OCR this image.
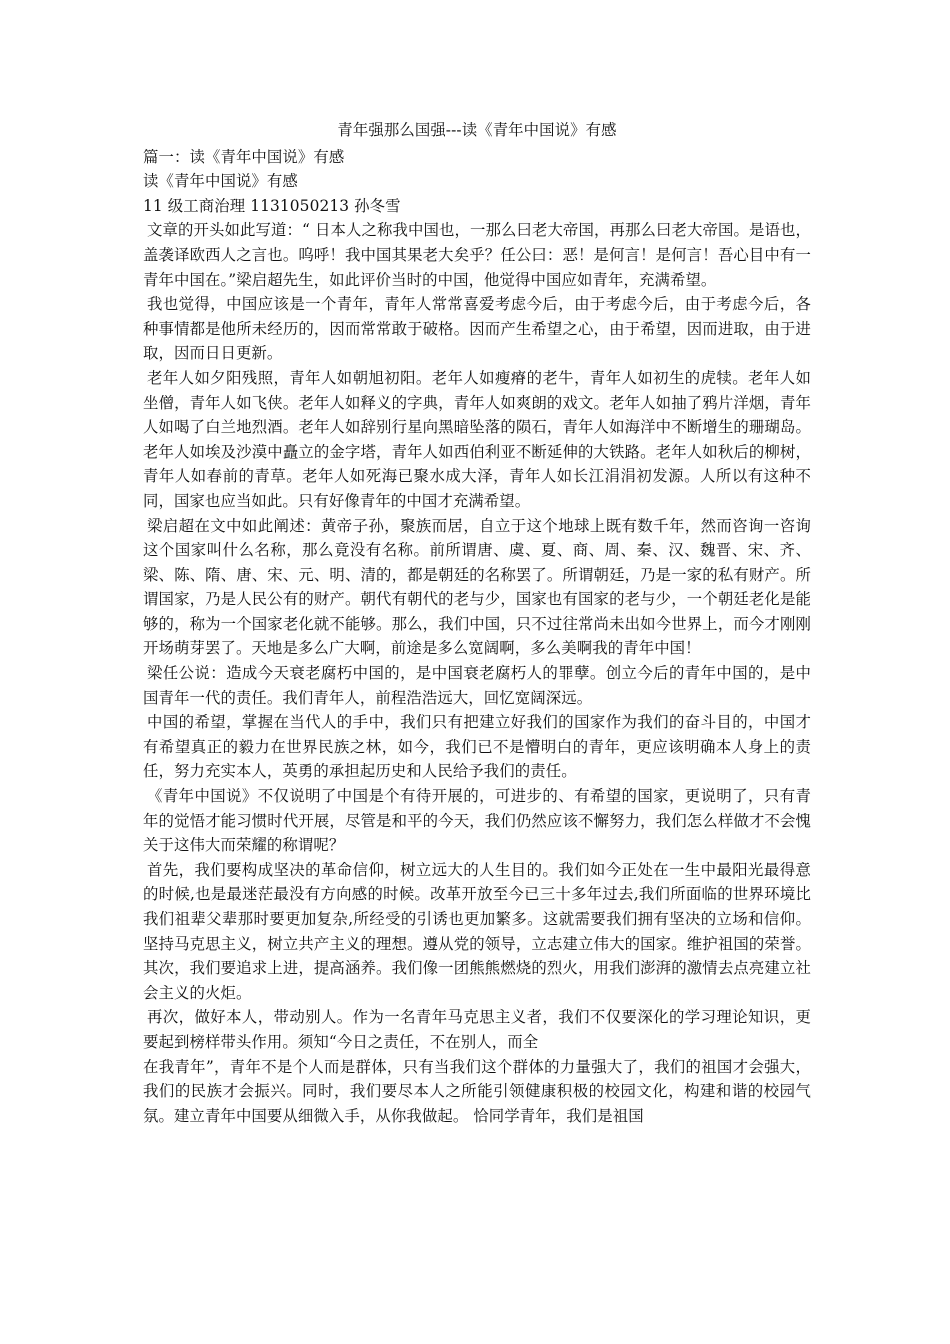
青年强那么国强---读《青年中国说》有感

篇一：读《青年中国说》有感

读《青年中国说》有感

11 级工商治理 1131050213 孙冬雪

文章的开头如此写道：“ 日本人之称我中国也，一那么曰老大帝国，再那么曰老大帝国。是语也，盖袭译欧西人之言也。呜呼！我中国其果老大矣乎？任公曰：恶！是何言！是何言！吾心目中有一青年中国在。”梁启超先生，如此评价当时的中国，他觉得中国应如青年，充满希望。

我也觉得，中国应该是一个青年，青年人常常喜爱考虑今后，由于考虑今后，由于考虑今后，各种事情都是他所未经历的，因而常常敢于破格。因而产生希望之心，由于希望，因而进取，由于进取，因而日日更新。

老年人如夕阳残照，青年人如朝旭初阳。老年人如瘦瘠的老牛，青年人如初生的虎犊。老年人如坐僧，青年人如飞侠。老年人如释义的字典，青年人如爽朗的戏文。老年人如抽了鸦片洋烟，青年人如喝了白兰地烈酒。老年人如辞别行星向黑暗坠落的陨石，青年人如海洋中不断增生的珊瑚岛。老年人如埃及沙漠中矗立的金字塔，青年人如西伯利亚不断延伸的大铁路。老年人如秋后的柳树，青年人如春前的青草。老年人如死海已聚水成大泽，青年人如长江涓涓初发源。人所以有这种不同，国家也应当如此。只有好像青年的中国才充满希望。

梁启超在文中如此阐述：黄帝子孙，聚族而居，自立于这个地球上既有数千年，然而咨询一咨询这个国家叫什么名称，那么竟没有名称。前所谓唐、虞、夏、商、周、秦、汉、魏晋、宋、齐、梁、陈、隋、唐、宋、元、明、清的，都是朝廷的名称罢了。所谓朝廷，乃是一家的私有财产。所谓国家，乃是人民公有的财产。朝代有朝代的老与少，国家也有国家的老与少，一个朝廷老化是能够的，称为一个国家老化就不能够。那么，我们中国，只不过往常尚未出如今世界上，而今才刚刚开场萌芽罢了。天地是多么广大啊，前途是多么宽阔啊，多么美啊我的青年中国！

梁任公说：造成今天衰老腐朽中国的，是中国衰老腐朽人的罪孽。创立今后的青年中国的，是中国青年一代的责任。我们青年人，前程浩浩远大，回忆宽阔深远。

中国的希望，掌握在当代人的手中，我们只有把建立好我们的国家作为我们的奋斗目的，中国才有希望真正的毅力在世界民族之林，如今，我们已不是懵明白的青年，更应该明确本人身上的责任，努力充实本人，英勇的承担起历史和人民给予我们的责任。

《青年中国说》不仅说明了中国是个有待开展的，可进步的、有希望的国家，更说明了，只有青年的觉悟才能习惯时代开展，尽管是和平的今天，我们仍然应该不懈努力，我们怎么样做才不会愧关于这伟大而荣耀的称谓呢？

首先，我们要构成坚决的革命信仰，树立远大的人生目的。我们如今正处在一生中最阳光最得意的时候,也是最迷茫最没有方向感的时候。改革开放至今已三十多年过去,我们所面临的世界环境比我们祖辈父辈那时要更加复杂,所经受的引诱也更加繁多。这就需要我们拥有坚决的立场和信仰。坚持马克思主义，树立共产主义的理想。遵从党的领导，立志建立伟大的国家。维护祖国的荣誉。 其次，我们要追求上进，提高涵养。我们像一团熊熊燃烧的烈火，用我们澎湃的激情去点亮建立社会主义的火炬。

再次，做好本人，带动别人。作为一名青年马克思主义者，我们不仅要深化的学习理论知识，更要起到榜样带头作用。须知“今日之责任，不在别人，而全

在我青年”，青年不是个人而是群体，只有当我们这个群体的力量强大了，我们的祖国才会强大，我们的民族才会振兴。同时，我们要尽本人之所能引领健康积极的校园文化，构建和谐的校园气氛。建立青年中国要从细微入手，从你我做起。 恰同学青年，我们是祖国
